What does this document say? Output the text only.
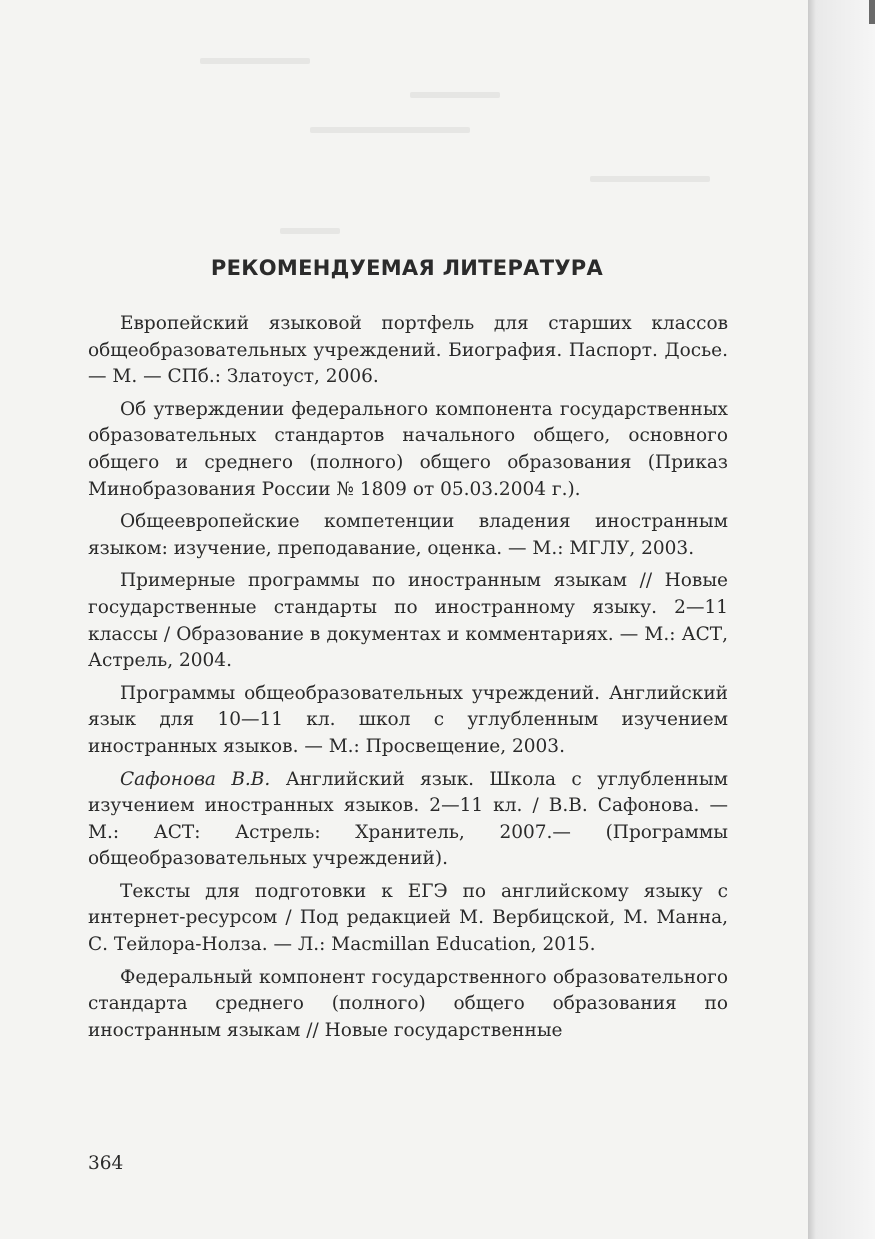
РЕКОМЕНДУЕМАЯ ЛИТЕРАТУРА

Европейский языковой портфель для старших классов общеобразовательных учреждений. Биография. Паспорт. Досье. — М. — СПб.: Златоуст, 2006.

Об утверждении федерального компонента государственных образовательных стандартов начального общего, основного общего и среднего (полного) общего образования (Приказ Минобразования России № 1809 от 05.03.2004 г.).

Общеевропейские компетенции владения иностранным языком: изучение, преподавание, оценка. — М.: МГЛУ, 2003.

Примерные программы по иностранным языкам // Новые государственные стандарты по иностранному языку. 2—11 классы / Образование в документах и комментариях. — М.: АСТ, Астрель, 2004.

Программы общеобразовательных учреждений. Английский язык для 10—11 кл. школ с углубленным изучением иностранных языков. — М.: Просвещение, 2003.

Сафонова В.В. Английский язык. Школа с углубленным изучением иностранных языков. 2—11 кл. / В.В. Сафонова. — М.: АСТ: Астрель: Хранитель, 2007.— (Программы общеобразовательных учреждений).

Тексты для подготовки к ЕГЭ по английскому языку с интернет-ресурсом / Под редакцией М. Вербицской, М. Манна, С. Тейлора-Нолза. — Л.: Macmillan Education, 2015.

Федеральный компонент государственного образовательного стандарта среднего (полного) общего образования по иностранным языкам // Новые государственные

364
